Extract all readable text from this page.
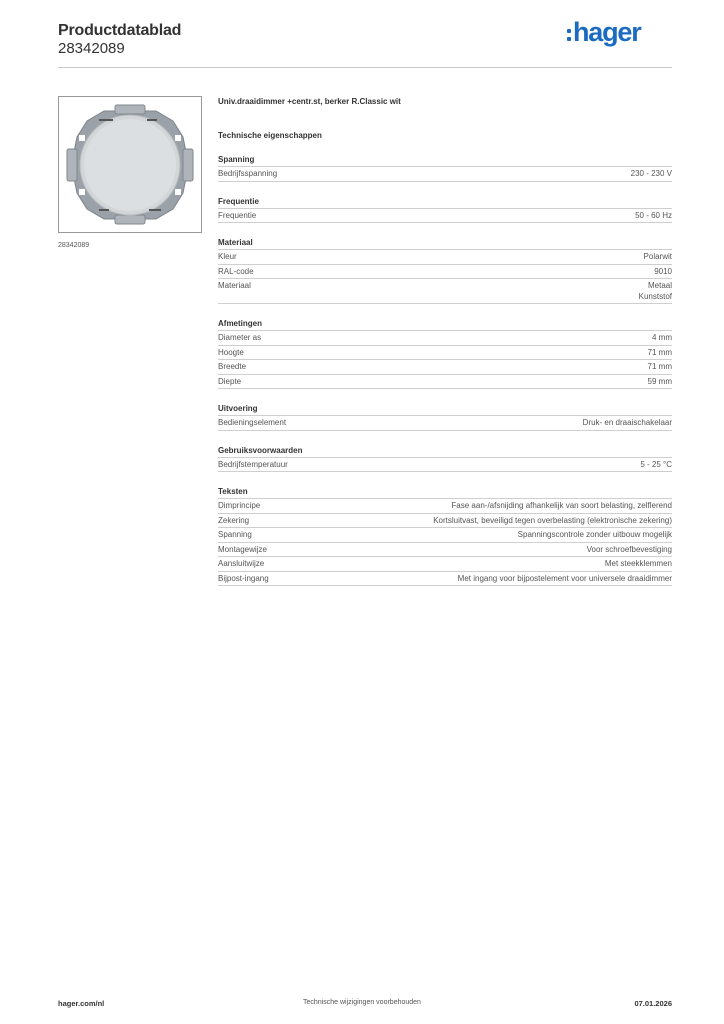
Productdatablad
28342089
hager
28342089
Univ.draaidimmer +centr.st, berker R.Classic wit
Technische eigenschappen
Spanning
Bedrijfsspanning	230 - 230 V
Frequentie
Frequentie	50 - 60 Hz
Materiaal
Kleur	Polarwit
RAL-code	9010
Materiaal	Metaal
Kunststof
Afmetingen
Diameter as	4 mm
Hoogte	71 mm
Breedte	71 mm
Diepte	59 mm
Uitvoering
Bedieningselement	Druk- en draaischakelaar
Gebruiksvoorwaarden
Bedrijfstemperatuur	5 - 25 °C
Teksten
Dimprincipe	Fase aan-/afsnijding afhankelijk van soort belasting, zelflerend
Zekering	Kortsluitvast, beveiligd tegen overbelasting (elektronische zekering)
Spanning	Spanningscontrole zonder uitbouw mogelijk
Montagewijze	Voor schroefbevestiging
Aansluitwijze	Met steekklemmen
Bijpost-ingang	Met ingang voor bijpostelement voor universele draaidimmer
hager.com/nl	Technische wijzigingen voorbehouden	07.01.2026
